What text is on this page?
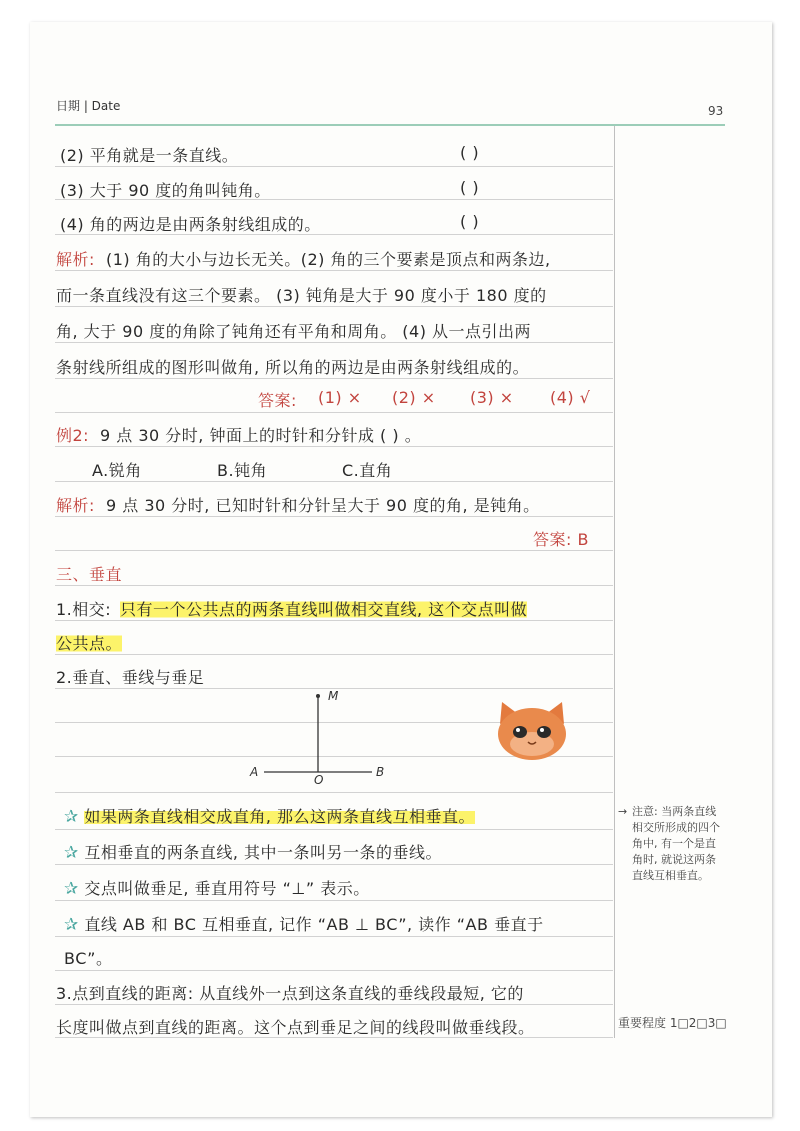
日期 | Date	93
(2) 平角就是一条直线。	( )
(3) 大于 90 度的角叫钝角。	( )
(4) 角的两边是由两条射线组成的。	( )
解析: (1) 角的大小与边长无关。(2) 角的三个要素是顶点和两条边,
而一条直线没有这三个要素。 (3) 钝角是大于 90 度小于 180 度的
角, 大于 90 度的角除了钝角还有平角和周角。 (4) 从一点引出两
条射线所组成的图形叫做角, 所以角的两边是由两条射线组成的。
答案: (1) × (2) × (3) × (4) √
例2: 9 点 30 分时, 钟面上的时针和分针成 ( ) 。
A.锐角	B.钝角	C.直角
解析: 9 点 30 分时, 已知时针和分针呈大于 90 度的角, 是钝角。
答案: B
三、垂直
1.相交: 只有一个公共点的两条直线叫做相交直线, 这个交点叫做
公共点。
2.垂直、垂线与垂足
M
A
O
B
✰ 如果两条直线相交成直角, 那么这两条直线互相垂直。
✰ 互相垂直的两条直线, 其中一条叫另一条的垂线。
✰ 交点叫做垂足, 垂直用符号 “⊥” 表示。
✰ 直线 AB 和 BC 互相垂直, 记作 “AB ⊥ BC”, 读作 “AB 垂直于
BC”。
3.点到直线的距离: 从直线外一点到这条直线的垂线段最短, 它的
长度叫做点到直线的距离。这个点到垂足之间的线段叫做垂线段。
→ 注意: 当两条直线相交所形成的四个角中, 有一个是直角时, 就说这两条直线互相垂直。
重要程度 1□2□3□
